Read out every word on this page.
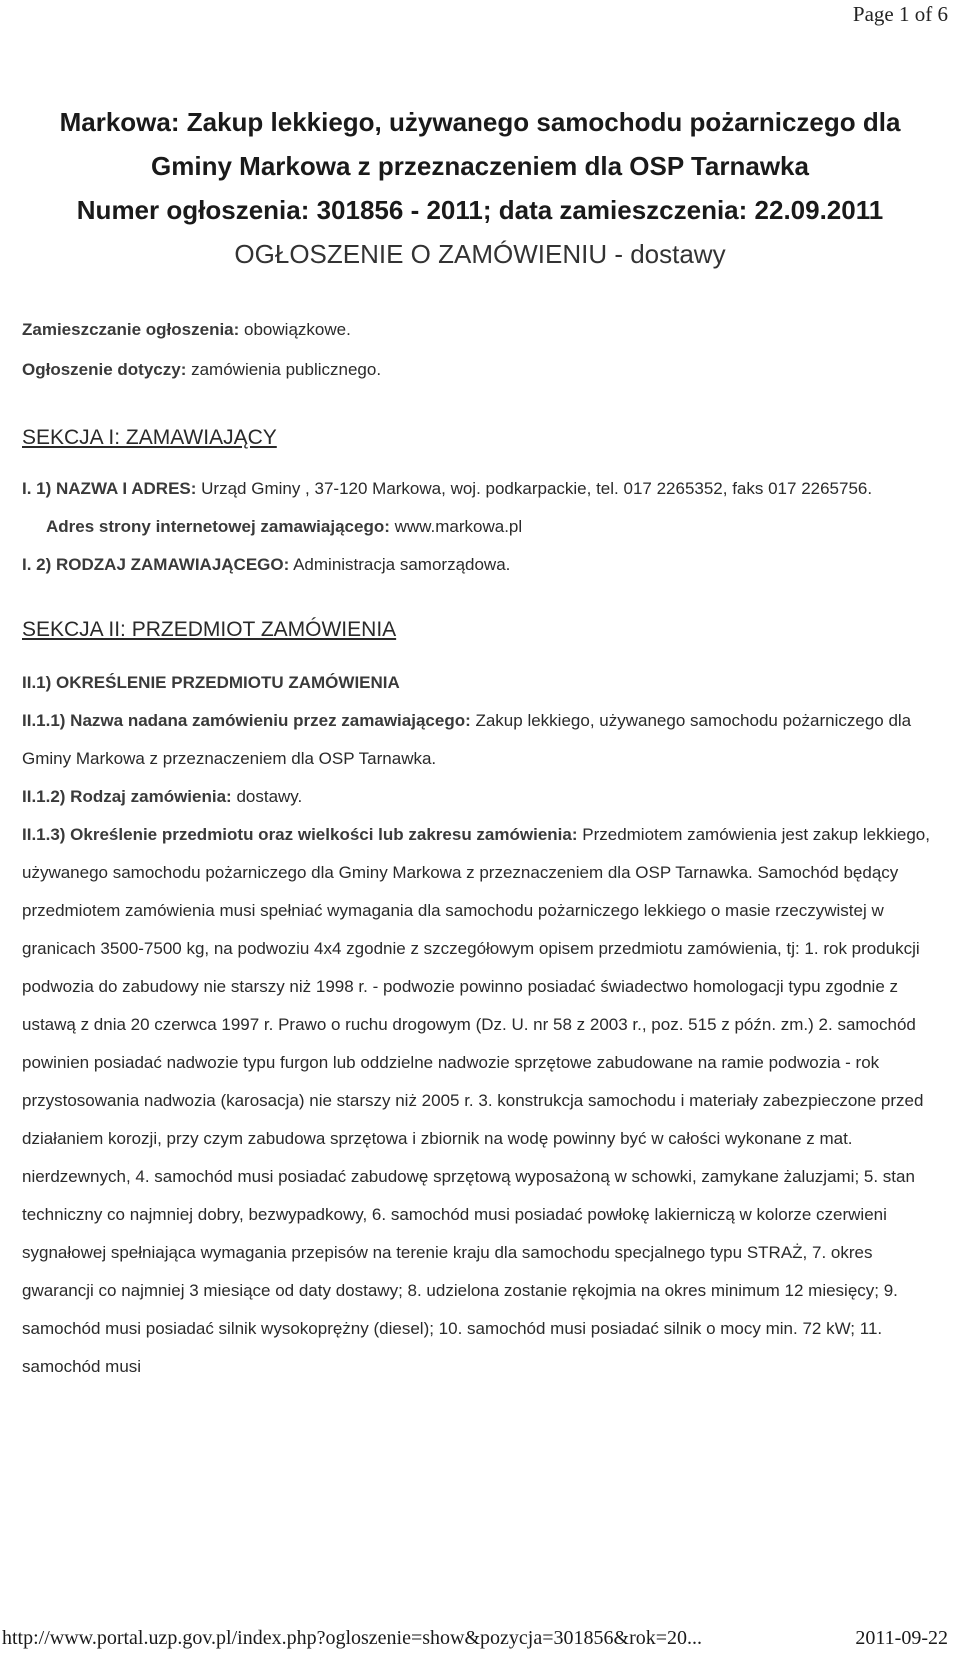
Page 1 of 6

Markowa: Zakup lekkiego, używanego samochodu pożarniczego dla

Gminy Markowa z przeznaczeniem dla OSP Tarnawka

Numer ogłoszenia: 301856 - 2011; data zamieszczenia: 22.09.2011

OGŁOSZENIE O ZAMÓWIENIU - dostawy

Zamieszczanie ogłoszenia: obowiązkowe.

Ogłoszenie dotyczy: zamówienia publicznego.

SEKCJA I: ZAMAWIAJĄCY

I. 1) NAZWA I ADRES: Urząd Gminy , 37-120 Markowa, woj. podkarpackie, tel. 017 2265352, faks 017 2265756.

Adres strony internetowej zamawiającego: www.markowa.pl

I. 2) RODZAJ ZAMAWIAJĄCEGO: Administracja samorządowa.

SEKCJA II: PRZEDMIOT ZAMÓWIENIA

II.1) OKREŚLENIE PRZEDMIOTU ZAMÓWIENIA

II.1.1) Nazwa nadana zamówieniu przez zamawiającego: Zakup lekkiego, używanego samochodu pożarniczego dla Gminy Markowa z przeznaczeniem dla OSP Tarnawka.

II.1.2) Rodzaj zamówienia: dostawy.

II.1.3) Określenie przedmiotu oraz wielkości lub zakresu zamówienia: Przedmiotem zamówienia jest zakup lekkiego, używanego samochodu pożarniczego dla Gminy Markowa z przeznaczeniem dla OSP Tarnawka. Samochód będący przedmiotem zamówienia musi spełniać wymagania dla samochodu pożarniczego lekkiego o masie rzeczywistej w granicach 3500-7500 kg, na podwoziu 4x4 zgodnie z szczegółowym opisem przedmiotu zamówienia, tj: 1. rok produkcji podwozia do zabudowy nie starszy niż 1998 r. - podwozie powinno posiadać świadectwo homologacji typu zgodnie z ustawą z dnia 20 czerwca 1997 r. Prawo o ruchu drogowym (Dz. U. nr 58 z 2003 r., poz. 515 z późn. zm.) 2. samochód powinien posiadać nadwozie typu furgon lub oddzielne nadwozie sprzętowe zabudowane na ramie podwozia - rok przystosowania nadwozia (karosacja) nie starszy niż 2005 r. 3. konstrukcja samochodu i materiały zabezpieczone przed działaniem korozji, przy czym zabudowa sprzętowa i zbiornik na wodę powinny być w całości wykonane z mat. nierdzewnych, 4. samochód musi posiadać zabudowę sprzętową wyposażoną w schowki, zamykane żaluzjami; 5. stan techniczny co najmniej dobry, bezwypadkowy, 6. samochód musi posiadać powłokę lakierniczą w kolorze czerwieni sygnałowej spełniająca wymagania przepisów na terenie kraju dla samochodu specjalnego typu STRAŻ, 7. okres gwarancji co najmniej 3 miesiące od daty dostawy; 8. udzielona zostanie rękojmia na okres minimum 12 miesięcy; 9. samochód musi posiadać silnik wysokoprężny (diesel); 10. samochód musi posiadać silnik o mocy min. 72 kW; 11. samochód musi

http://www.portal.uzp.gov.pl/index.php?ogloszenie=show&pozycja=301856&rok=20...	2011-09-22
